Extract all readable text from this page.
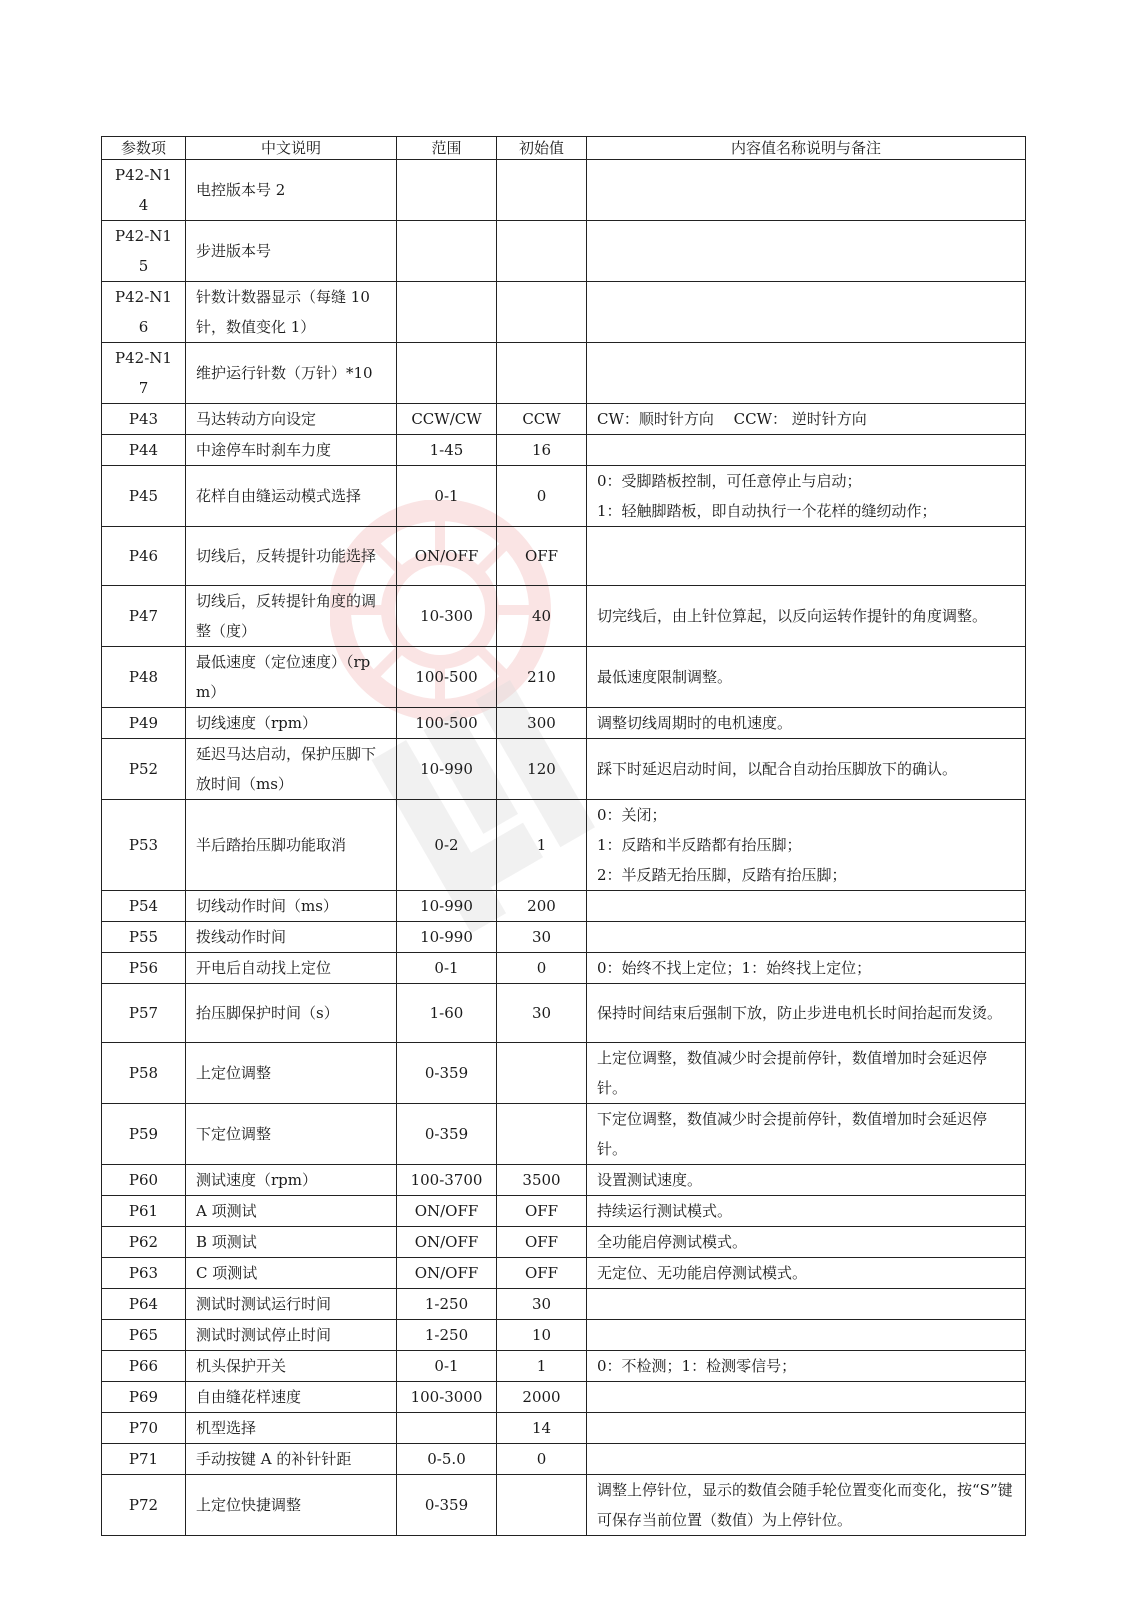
参数项	中文说明	范围	初始值	内容值名称说明与备注
P42-N14	电控版本号 2			
P42-N15	步进版本号			
P42-N16	针数计数器显示（每缝 10 针，数值变化 1）			
P42-N17	维护运行针数（万针）*10			
P43	马达转动方向设定	CCW/CW	CCW	CW：顺时针方向　 CCW： 逆时针方向

P44	中途停车时刹车力度	1-45	16	
P45	花样自由缝运动模式选择	0-1	0	0：受脚踏板控制，可任意停止与启动；
1：轻触脚踏板，即自动执行一个花样的缝纫动作；

P46	切线后，反转提针功能选择	ON/OFF	OFF	
P47	切线后，反转提针角度的调整（度）	10-300	40	切完线后，由上针位算起，以反向运转作提针的角度调整。

P48	最低速度（定位速度）（rpm）	100-500	210	最低速度限制调整。

P49	切线速度（rpm）	100-500	300	调整切线周期时的电机速度。

P52	延迟马达启动，保护压脚下放时间（ms）	10-990	120	踩下时延迟启动时间，以配合自动抬压脚放下的确认。

P53	半后踏抬压脚功能取消	0-2	1	0：关闭；
1：反踏和半反踏都有抬压脚；
2：半反踏无抬压脚，反踏有抬压脚；

P54	切线动作时间（ms）	10-990	200	
P55	拨线动作时间	10-990	30	
P56	开电后自动找上定位	0-1	0	0：始终不找上定位；1：始终找上定位；

P57	抬压脚保护时间（s）	1-60	30	保持时间结束后强制下放，防止步进电机长时间抬起而发烫。

P58	上定位调整	0-359		上定位调整，数值减少时会提前停针，数值增加时会延迟停针。

P59	下定位调整	0-359		下定位调整，数值减少时会提前停针，数值增加时会延迟停针。

P60	测试速度（rpm）	100-3700	3500	设置测试速度。

P61	A 项测试	ON/OFF	OFF	持续运行测试模式。

P62	B 项测试	ON/OFF	OFF	全功能启停测试模式。

P63	C 项测试	ON/OFF	OFF	无定位、无功能启停测试模式。

P64	测试时测试运行时间	1-250	30	
P65	测试时测试停止时间	1-250	10	
P66	机头保护开关	0-1	1	0：不检测；1：检测零信号；

P69	自由缝花样速度	100-3000	2000	
P70	机型选择		14	
P71	手动按键 A 的补针针距	0-5.0	0	
P72	上定位快捷调整	0-359		调整上停针位，显示的数值会随手轮位置变化而变化，按“S”键可保存当前位置（数值）为上停针位。
